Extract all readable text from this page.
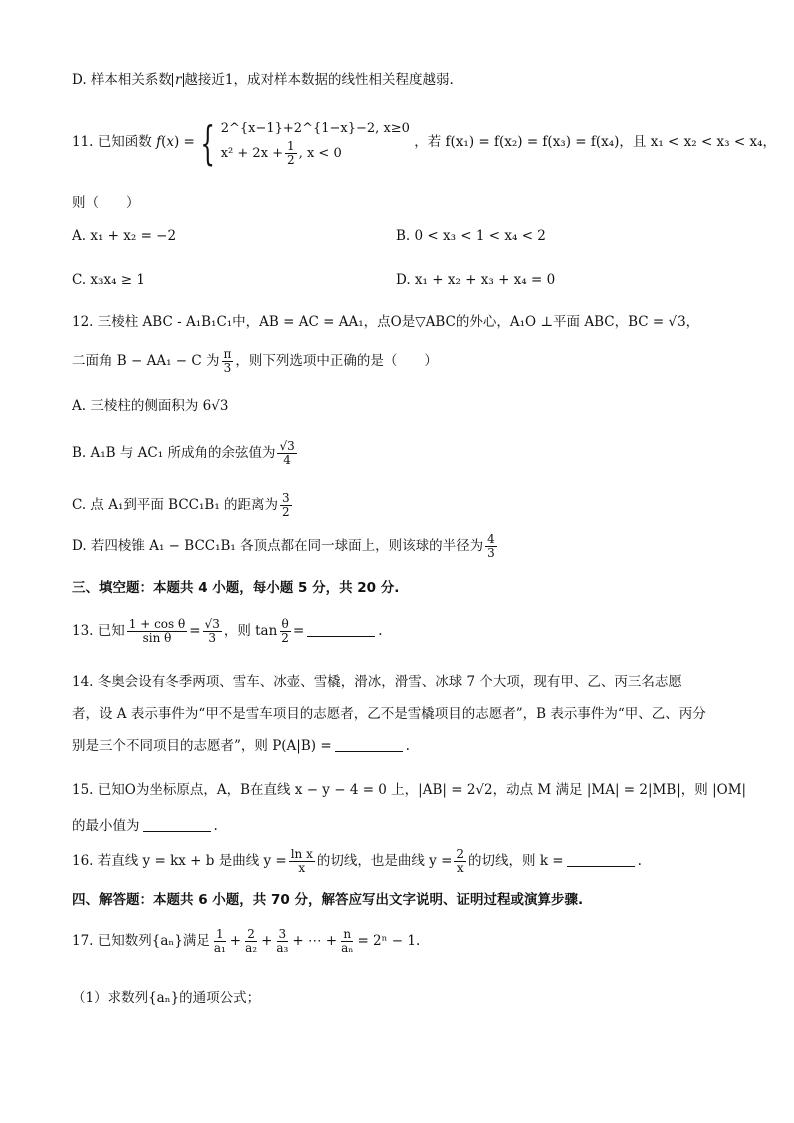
D. 样本相关系数 r 越接近1，成对样本数据的线性相关程度越弱.
11. 已知函数 f(x) = { 2^{x−1}+2^{1−x}−2, x≥0
$x^2 + 2x + \frac{1}{2}$ , x < 0
，若 f(x₁) = f(x₂) = f(x₃) = f(x₄)，且 x₁ < x₂ < x₃ < x₄，
则（　　）
A. x₁ + x₂ = −2	B. 0 < x₃ < 1 < x₄ < 2
C. x₃x₄ ≥ 1	D. x₁ + x₂ + x₃ + x₄ = 0
12. 三棱柱 ABC - A₁B₁C₁中，AB = AC = AA₁，点O是▽ABC的外心，A₁O ⊥平面 ABC，BC = √3，
二面角 B − AA₁ − C 为 $\frac{\pi}{3}$ ，则下列选项中正确的是（　　）
A. 三棱柱的侧面积为 6√3
B. A₁B 与 AC₁ 所成角的余弦值为 $\frac{√3}{4}$
C. 点 A₁到平面 BCC₁B₁ 的距离为 $\frac{3}{2}$
D. 若四棱锥 A₁ − BCC₁B₁ 各顶点都在同一球面上，则该球的半径为 $\frac{4}{3}$
三、填空题：本题共 4 小题，每小题 5 分，共 20 分.
13. 已知 $\frac{\text{1 + cos θ}}{\text{sin θ}} = \frac{√3}{3}$ ，则 $\tan \frac{\theta}{2}$ =	.
14. 冬奥会设有冬季两项、雪车、冰壶、雪橇，滑冰，滑雪、冰球 7 个大项，现有甲、乙、丙三名志愿
者，设 A 表示事件为“甲不是雪车项目的志愿者，乙不是雪橇项目的志愿者”，B 表示事件为“甲、乙、丙分
别是三个不同项目的志愿者”，则 P(A|B) =	.
15. 已知O为坐标原点，A，B在直线 x − y − 4 = 0 上，|AB| = 2√2，动点 M 满足 |MA| = 2|MB|，则 |OM|
的最小值为	.
16. 若直线 y = kx + b 是曲线 $y = \frac{\text{ln x}}{x}$ 的切线，也是曲线 $y = \frac{2}{x}$ 的切线，则 k =	.
四、解答题：本题共 6 小题，共 70 分，解答应写出文字说明、证明过程或演算步骤.
17. 已知数列{aₙ}满足 $\frac{1}{\text{a₁}} + \frac{2}{\text{a₂}} + \frac{3}{\text{a₃}}$ + ⋯ + $\frac{n}{\text{aₙ}} = 2^n - 1$.
（1）求数列{aₙ}的通项公式；
